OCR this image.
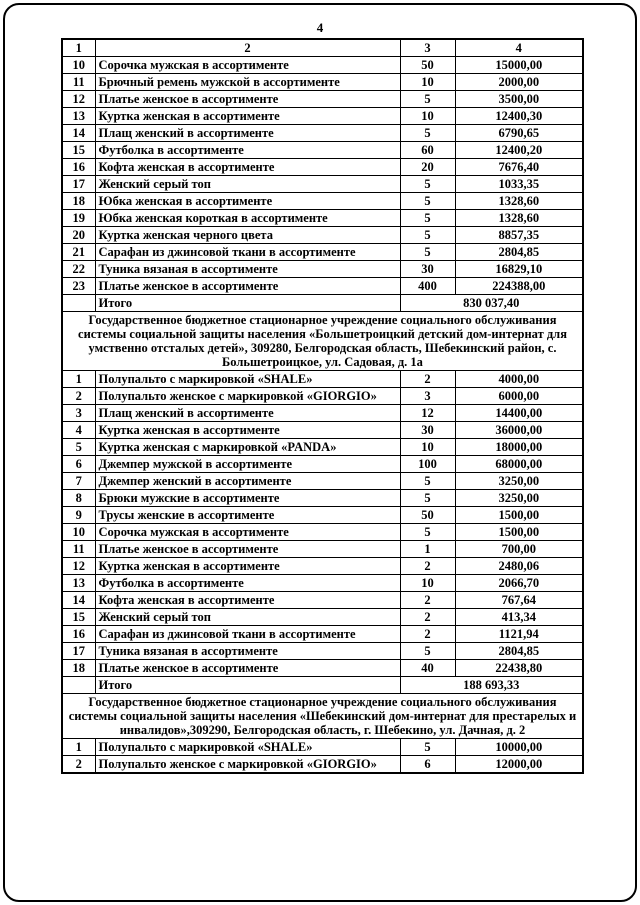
4
1	2	3	4
10	Сорочка мужская в ассортименте	50	15000,00
11	Брючный ремень мужской в ассортименте	10	2000,00
12	Платье женское в ассортименте	5	3500,00
13	Куртка женская в ассортименте	10	12400,30
14	Плащ женский в ассортименте	5	6790,65
15	Футболка в ассортименте	60	12400,20
16	Кофта женская в ассортименте	20	7676,40
17	Женский серый топ	5	1033,35
18	Юбка женская в ассортименте	5	1328,60
19	Юбка женская короткая в ассортименте	5	1328,60
20	Куртка женская черного цвета	5	8857,35
21	Сарафан из джинсовой ткани в ассортименте	5	2804,85
22	Туника вязаная в ассортименте	30	16829,10
23	Платье женское в ассортименте	400	224388,00
	Итого	830 037,40	
Государственное бюджетное стационарное учреждение социального обслуживания системы социальной защиты населения «Большетроицкий детский дом-интернат для умственно отсталых детей», 309280, Белгородская область, Шебекинский район, с. Большетроицкое, ул. Садовая, д. 1а			
1	Полупальто с маркировкой «SHALE»	2	4000,00
2	Полупальто женское с маркировкой «GIORGIO»	3	6000,00
3	Плащ женский в ассортименте	12	14400,00
4	Куртка женская в ассортименте	30	36000,00
5	Куртка женская с маркировкой «PANDA»	10	18000,00
6	Джемпер мужской в ассортименте	100	68000,00
7	Джемпер женский в ассортименте	5	3250,00
8	Брюки мужские в ассортименте	5	3250,00
9	Трусы женские в ассортименте	50	1500,00
10	Сорочка мужская в ассортименте	5	1500,00
11	Платье женское в ассортименте	1	700,00
12	Куртка женская в ассортименте	2	2480,06
13	Футболка в ассортименте	10	2066,70
14	Кофта женская в ассортименте	2	767,64
15	Женский серый топ	2	413,34
16	Сарафан из джинсовой ткани в ассортименте	2	1121,94
17	Туника вязаная в ассортименте	5	2804,85
18	Платье женское в ассортименте	40	22438,80
	Итого	188 693,33	
Государственное бюджетное стационарное учреждение социального обслуживания системы социальной защиты населения «Шебекинский дом-интернат для престарелых и инвалидов»,309290, Белгородская область, г. Шебекино, ул. Дачная, д. 2			
1	Полупальто с маркировкой «SHALE»	5	10000,00
2	Полупальто женское с маркировкой «GIORGIO»	6	12000,00
